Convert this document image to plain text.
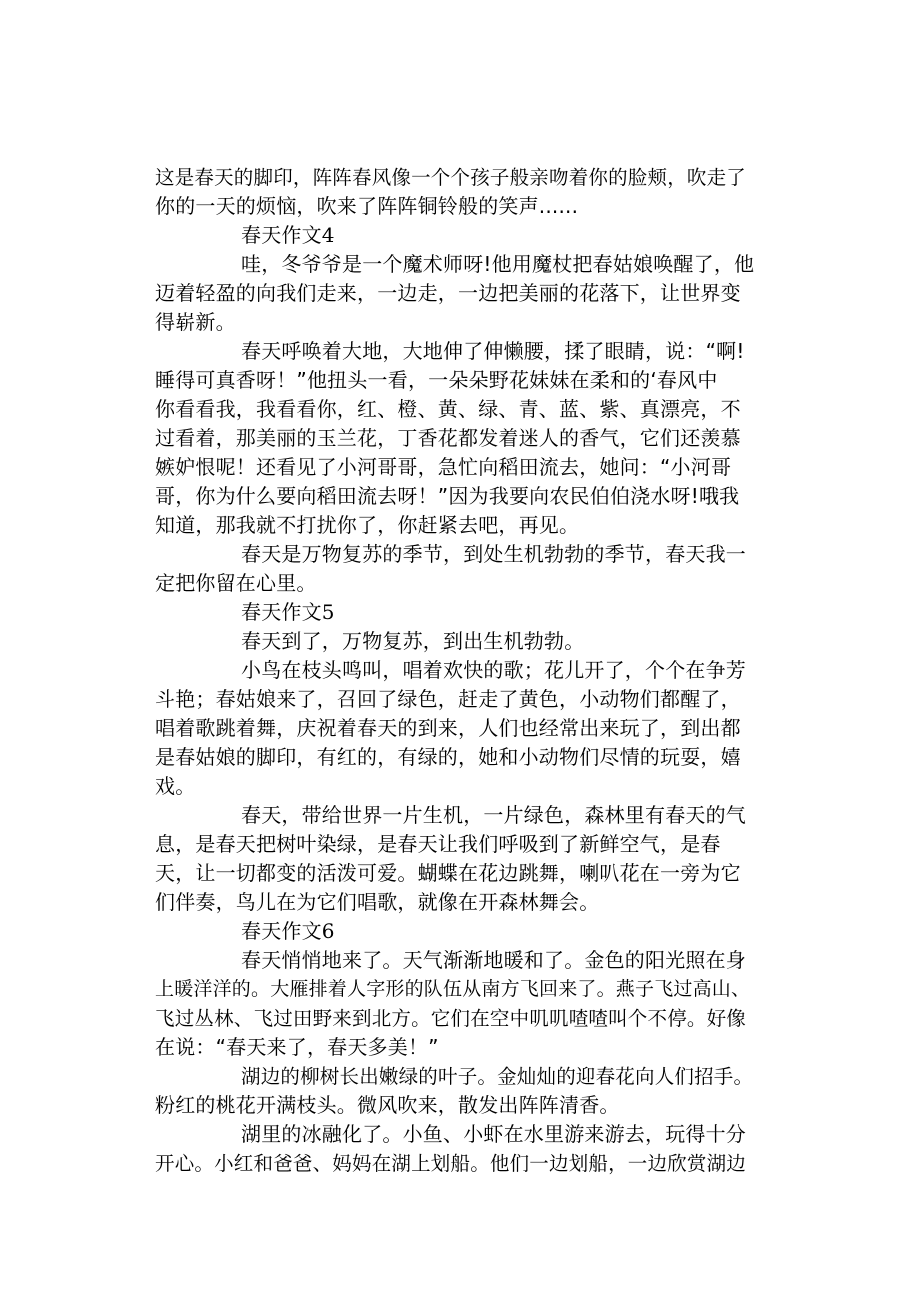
这是春天的脚印，阵阵春风像一个个孩子般亲吻着你的脸颊，吹走了
你的一天的烦恼，吹来了阵阵铜铃般的笑声......
春天作文4
哇，冬爷爷是一个魔术师呀!他用魔杖把春姑娘唤醒了，他
迈着轻盈的向我们走来，一边走，一边把美丽的花落下，让世界变
得崭新。
春天呼唤着大地，大地伸了伸懒腰，揉了眼睛，说：“啊!
睡得可真香呀！”他扭头一看，一朵朵野花妹妹在柔和的‘春风中
你看看我，我看看你，红、橙、黄、绿、青、蓝、紫、真漂亮，不
过看着，那美丽的玉兰花，丁香花都发着迷人的香气，它们还羡慕
嫉妒恨呢！还看见了小河哥哥，急忙向稻田流去，她问：“小河哥
哥，你为什么要向稻田流去呀！”因为我要向农民伯伯浇水呀!哦我
知道，那我就不打扰你了，你赶紧去吧，再见。
春天是万物复苏的季节，到处生机勃勃的季节，春天我一
定把你留在心里。
春天作文5
春天到了，万物复苏，到出生机勃勃。
小鸟在枝头鸣叫，唱着欢快的歌；花儿开了，个个在争芳
斗艳；春姑娘来了，召回了绿色，赶走了黄色，小动物们都醒了，
唱着歌跳着舞，庆祝着春天的到来，人们也经常出来玩了，到出都
是春姑娘的脚印，有红的，有绿的，她和小动物们尽情的玩耍，嬉
戏。
春天，带给世界一片生机，一片绿色，森林里有春天的气
息，是春天把树叶染绿，是春天让我们呼吸到了新鲜空气，是春
天，让一切都变的活泼可爱。蝴蝶在花边跳舞，喇叭花在一旁为它
们伴奏，鸟儿在为它们唱歌，就像在开森林舞会。
春天作文6
春天悄悄地来了。天气渐渐地暖和了。金色的阳光照在身
上暖洋洋的。大雁排着人字形的队伍从南方飞回来了。燕子飞过高山、
飞过丛林、飞过田野来到北方。它们在空中叽叽喳喳叫个不停。好像
在说：“春天来了，春天多美！”
湖边的柳树长出嫩绿的叶子。金灿灿的迎春花向人们招手。
粉红的桃花开满枝头。微风吹来，散发出阵阵清香。
湖里的冰融化了。小鱼、小虾在水里游来游去，玩得十分
开心。小红和爸爸、妈妈在湖上划船。他们一边划船，一边欣赏湖边
